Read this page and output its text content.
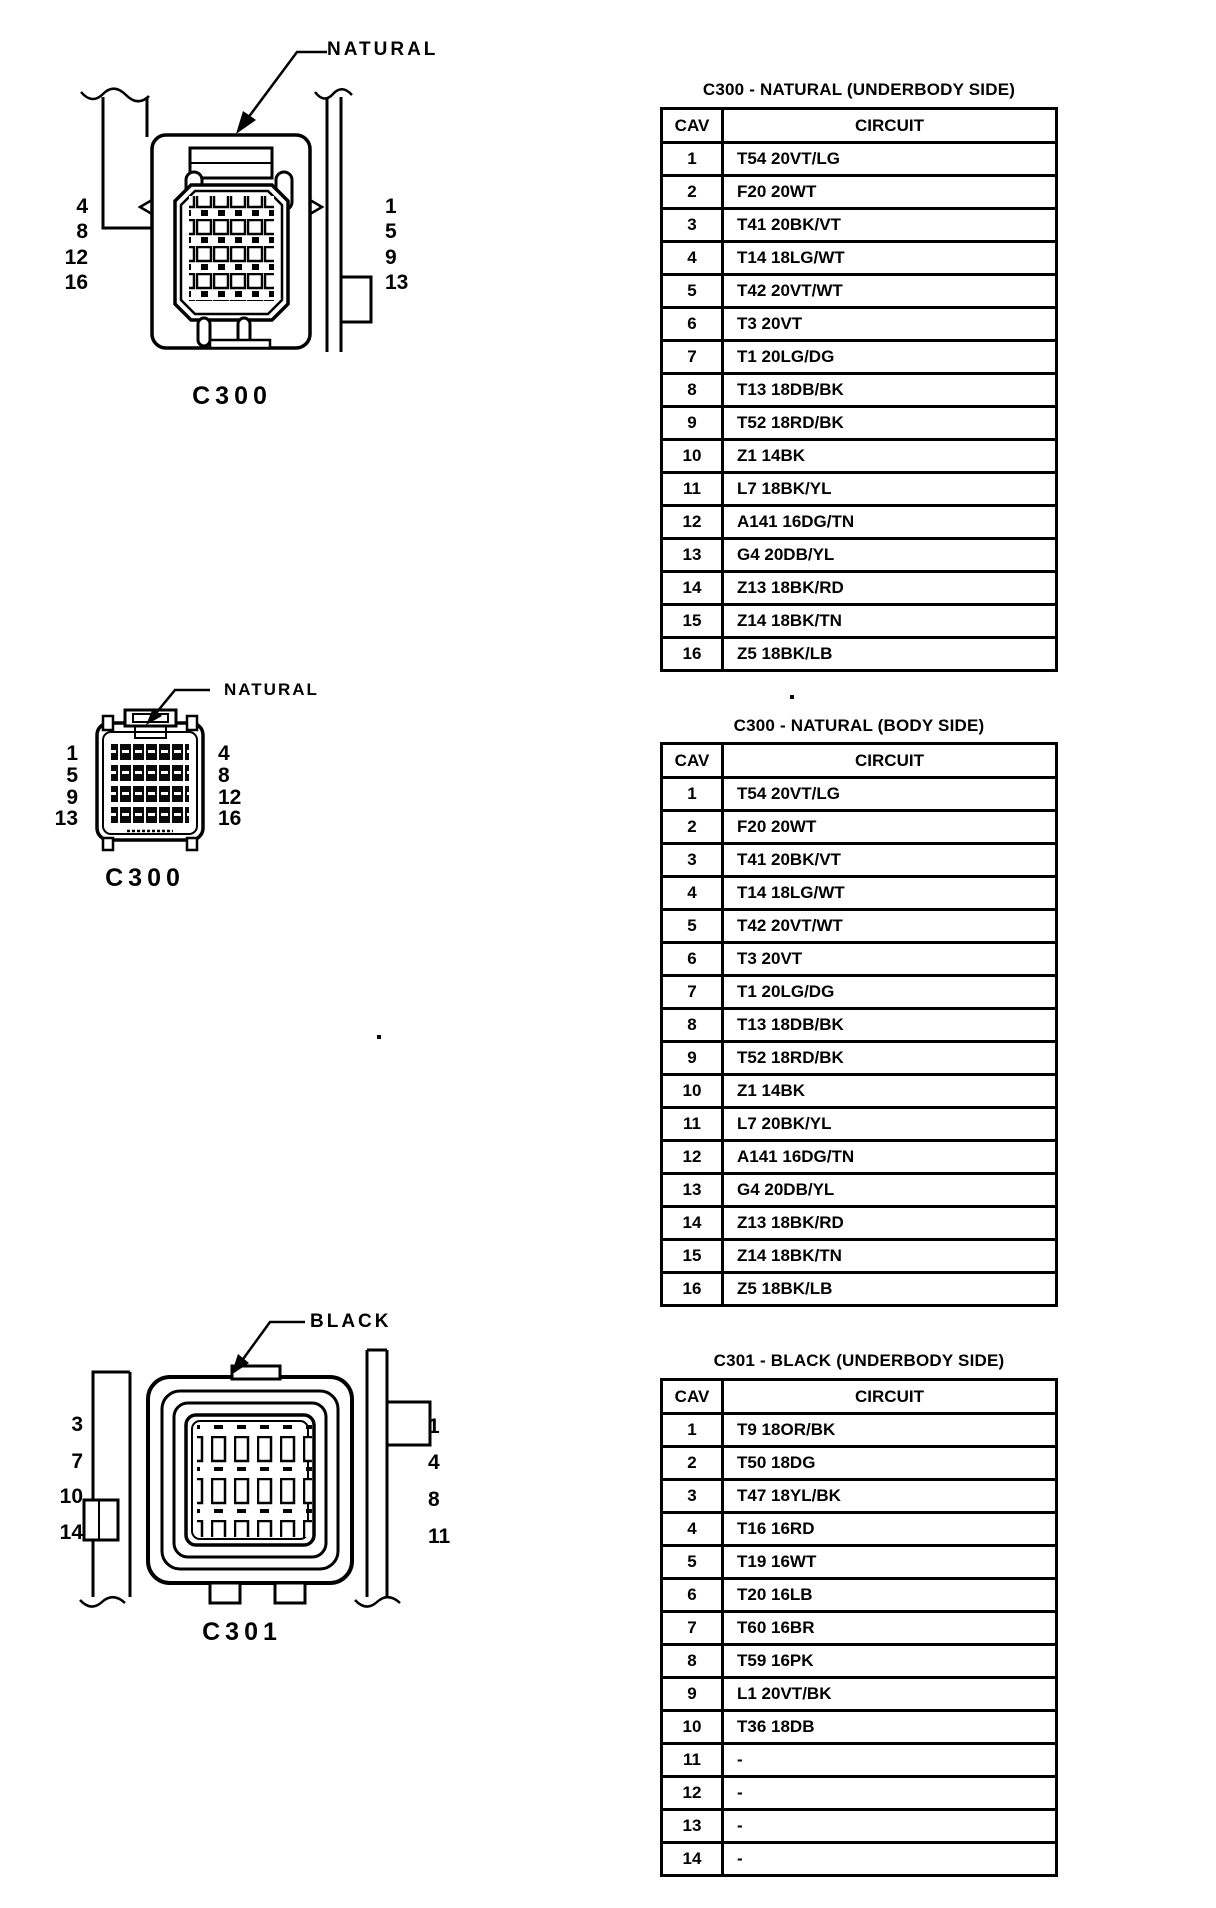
NATURAL
4
8
12
16
1
5
9
13
C300
NATURAL
1
5
9
13
4
8
12
16
C300
BLACK
3
7
10
14
1
4
8
11
C301
C300 - NATURAL (UNDERBODY SIDE)
CAV	CIRCUIT
1	T54 20VT/LG
2	F20 20WT
3	T41 20BK/VT
4	T14 18LG/WT
5	T42 20VT/WT
6	T3 20VT
7	T1 20LG/DG
8	T13 18DB/BK
9	T52 18RD/BK
10	Z1 14BK
11	L7 18BK/YL
12	A141 16DG/TN
13	G4 20DB/YL
14	Z13 18BK/RD
15	Z14 18BK/TN
16	Z5 18BK/LB
C300 - NATURAL (BODY SIDE)
CAV	CIRCUIT
1	T54 20VT/LG
2	F20 20WT
3	T41 20BK/VT
4	T14 18LG/WT
5	T42 20VT/WT
6	T3 20VT
7	T1 20LG/DG
8	T13 18DB/BK
9	T52 18RD/BK
10	Z1 14BK
11	L7 20BK/YL
12	A141 16DG/TN
13	G4 20DB/YL
14	Z13 18BK/RD
15	Z14 18BK/TN
16	Z5 18BK/LB
C301 - BLACK (UNDERBODY SIDE)
CAV	CIRCUIT
1	T9 18OR/BK
2	T50 18DG
3	T47 18YL/BK
4	T16 16RD
5	T19 16WT
6	T20 16LB
7	T60 16BR
8	T59 16PK
9	L1 20VT/BK
10	T36 18DB
11	-
12	-
13	-
14	-
